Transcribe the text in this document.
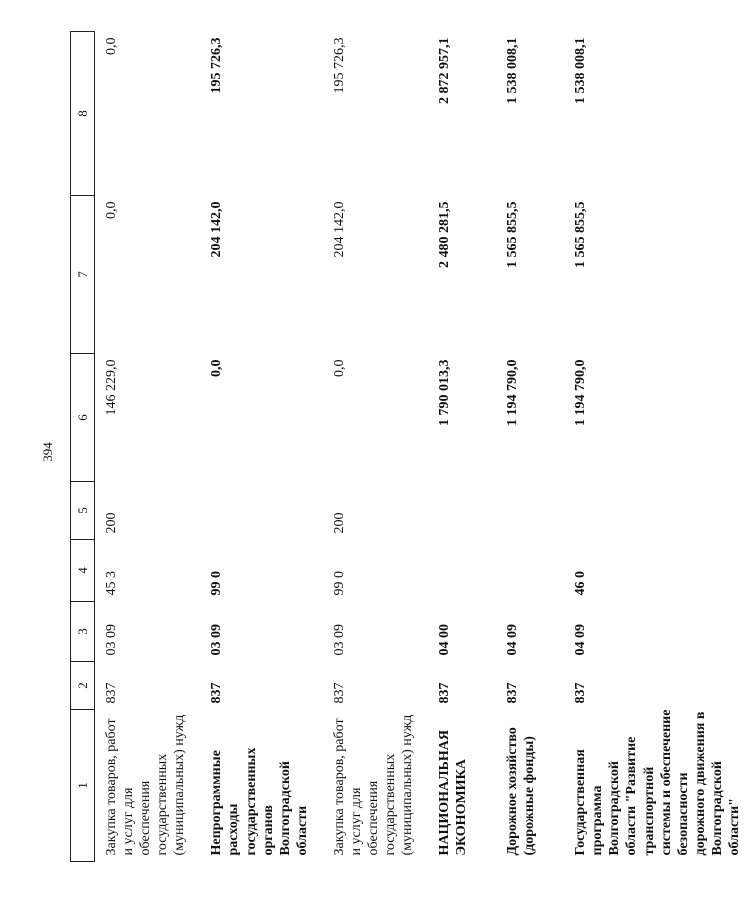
394
1	2	3	4	5	6	7	8
Закупка товаров, работ и услуг для обеспечения государственных (муниципальных) нужд	837	03 09	45 3	200	146 229,0	0,0	0,0
Непрограммные расходы государственных органов Волгоградской области	837	03 09	99 0		0,0	204 142,0	195 726,3
Закупка товаров, работ и услуг для обеспечения государственных (муниципальных) нужд	837	03 09	99 0	200	0,0	204 142,0	195 726,3
НАЦИОНАЛЬНАЯ ЭКОНОМИКА	837	04 00			1 790 013,3	2 480 281,5	2 872 957,1
Дорожное хозяйство (дорожные фонды)	837	04 09			1 194 790,0	1 565 855,5	1 538 008,1
Государственная программа Волгоградской области "Развитие транспортной системы и обеспечение безопасности дорожного движения в Волгоградской области"	837	04 09	46 0		1 194 790,0	1 565 855,5	1 538 008,1
